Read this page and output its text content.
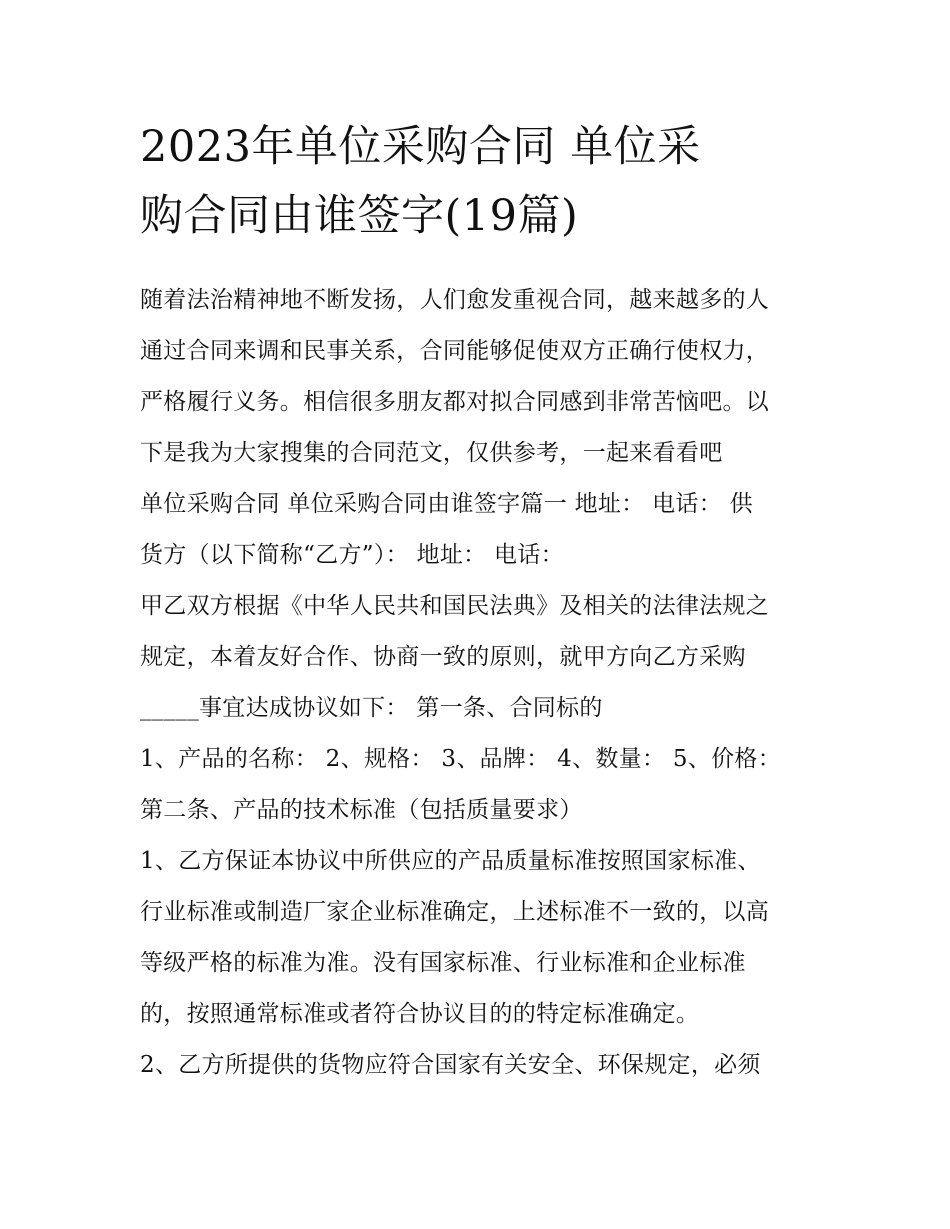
2023年单位采购合同 单位采
购合同由谁签字(19篇)
随着法治精神地不断发扬，人们愈发重视合同，越来越多的人
通过合同来调和民事关系，合同能够促使双方正确行使权力，
严格履行义务。相信很多朋友都对拟合同感到非常苦恼吧。以
下是我为大家搜集的合同范文，仅供参考，一起来看看吧
单位采购合同 单位采购合同由谁签字篇一 地址： 电话： 供
货方（以下简称“乙方”）： 地址： 电话：
甲乙双方根据《中华人民共和国民法典》及相关的法律法规之
规定，本着友好合作、协商一致的原则，就甲方向乙方采购
_____事宜达成协议如下： 第一条、合同标的
1、产品的名称： 2、规格： 3、品牌： 4、数量： 5、价格：
第二条、产品的技术标准（包括质量要求）
1、乙方保证本协议中所供应的产品质量标准按照国家标准、
行业标准或制造厂家企业标准确定，上述标准不一致的，以高
等级严格的标准为准。没有国家标准、行业标准和企业标准
的，按照通常标准或者符合协议目的的特定标准确定。
2、乙方所提供的货物应符合国家有关安全、环保规定，必须
